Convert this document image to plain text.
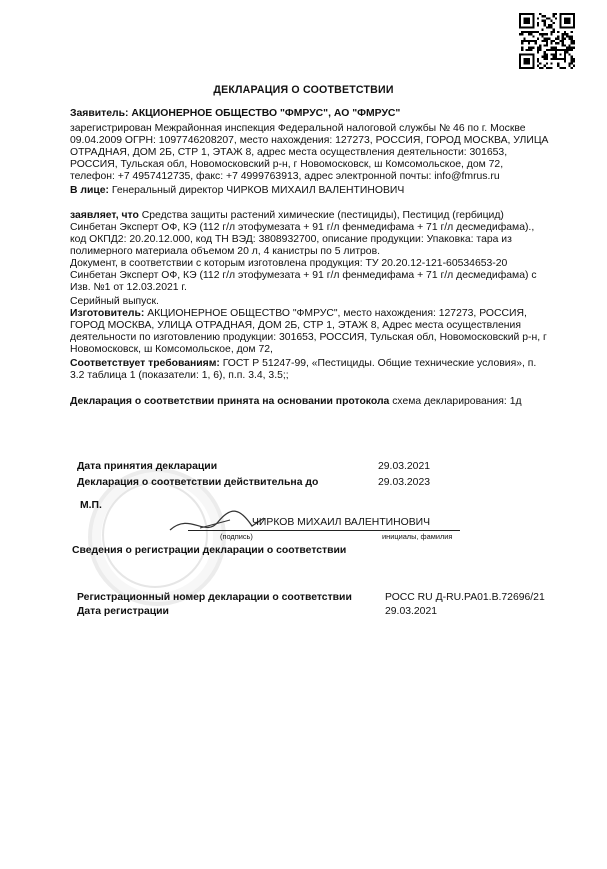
ДЕКЛАРАЦИЯ О СООТВЕТСТВИИ
Заявитель: АКЦИОНЕРНОЕ ОБЩЕСТВО "ФМРУС", АО "ФМРУС"
зарегистрирован Межрайонная инспекция Федеральной налоговой службы № 46 по г. Москве
09.04.2009 ОГРН: 1097746208207, место нахождения: 127273, РОССИЯ, ГОРОД МОСКВА, УЛИЦА
ОТРАДНАЯ, ДОМ 2Б, СТР 1, ЭТАЖ 8, адрес места осуществления деятельности: 301653,
РОССИЯ, Тульская обл, Новомосковский р-н, г Новомосковск, ш Комсомольское, дом 72,
телефон: +7 4957412735, факс: +7 4999763913, адрес электронной почты: info@fmrus.ru
В лице: Генеральный директор ЧИРКОВ МИХАИЛ ВАЛЕНТИНОВИЧ
заявляет, что Средства защиты растений химические (пестициды), Пестицид (гербицид)
Синбетан Эксперт ОФ, КЭ (112 г/л этофумезата + 91 г/л фенмедифама + 71 г/л десмедифама).,
код ОКПД2: 20.20.12.000, код ТН ВЭД: 3808932700, описание продукции: Упаковка: тара из
полимерного материала объемом 20 л, 4 канистры по 5 литров.
Документ, в соответствии с которым изготовлена продукция: ТУ 20.20.12-121-60534653-20
Синбетан Эксперт ОФ, КЭ (112 г/л этофумезата + 91 г/л фенмедифама + 71 г/л десмедифама) с
Изв. №1 от 12.03.2021 г.
Серийный выпуск.
Изготовитель: АКЦИОНЕРНОЕ ОБЩЕСТВО "ФМРУС", место нахождения: 127273, РОССИЯ,
ГОРОД МОСКВА, УЛИЦА ОТРАДНАЯ, ДОМ 2Б, СТР 1, ЭТАЖ 8, Адрес места осуществления
деятельности по изготовлению продукции: 301653, РОССИЯ, Тульская обл, Новомосковский р-н, г
Новомосковск, ш Комсомольское, дом 72,
Соответствует требованиям: ГОСТ Р 51247-99, «Пестициды. Общие технические условия», п.
3.2 таблица 1 (показатели: 1, 6), п.п. 3.4, 3.5;;
Декларация о соответствии принята на основании протокола схема декларирования: 1д
Дата принятия декларации	29.03.2021
Декларация о соответствии действительна до	29.03.2023
М.П.
ЧИРКОВ МИХАИЛ ВАЛЕНТИНОВИЧ
(подпись)	инициалы, фамилия
Сведения о регистрации декларации о соответствии
Регистрационный номер декларации о соответствии	РОСС RU Д-RU.РА01.В.72696/21
Дата регистрации	29.03.2021
